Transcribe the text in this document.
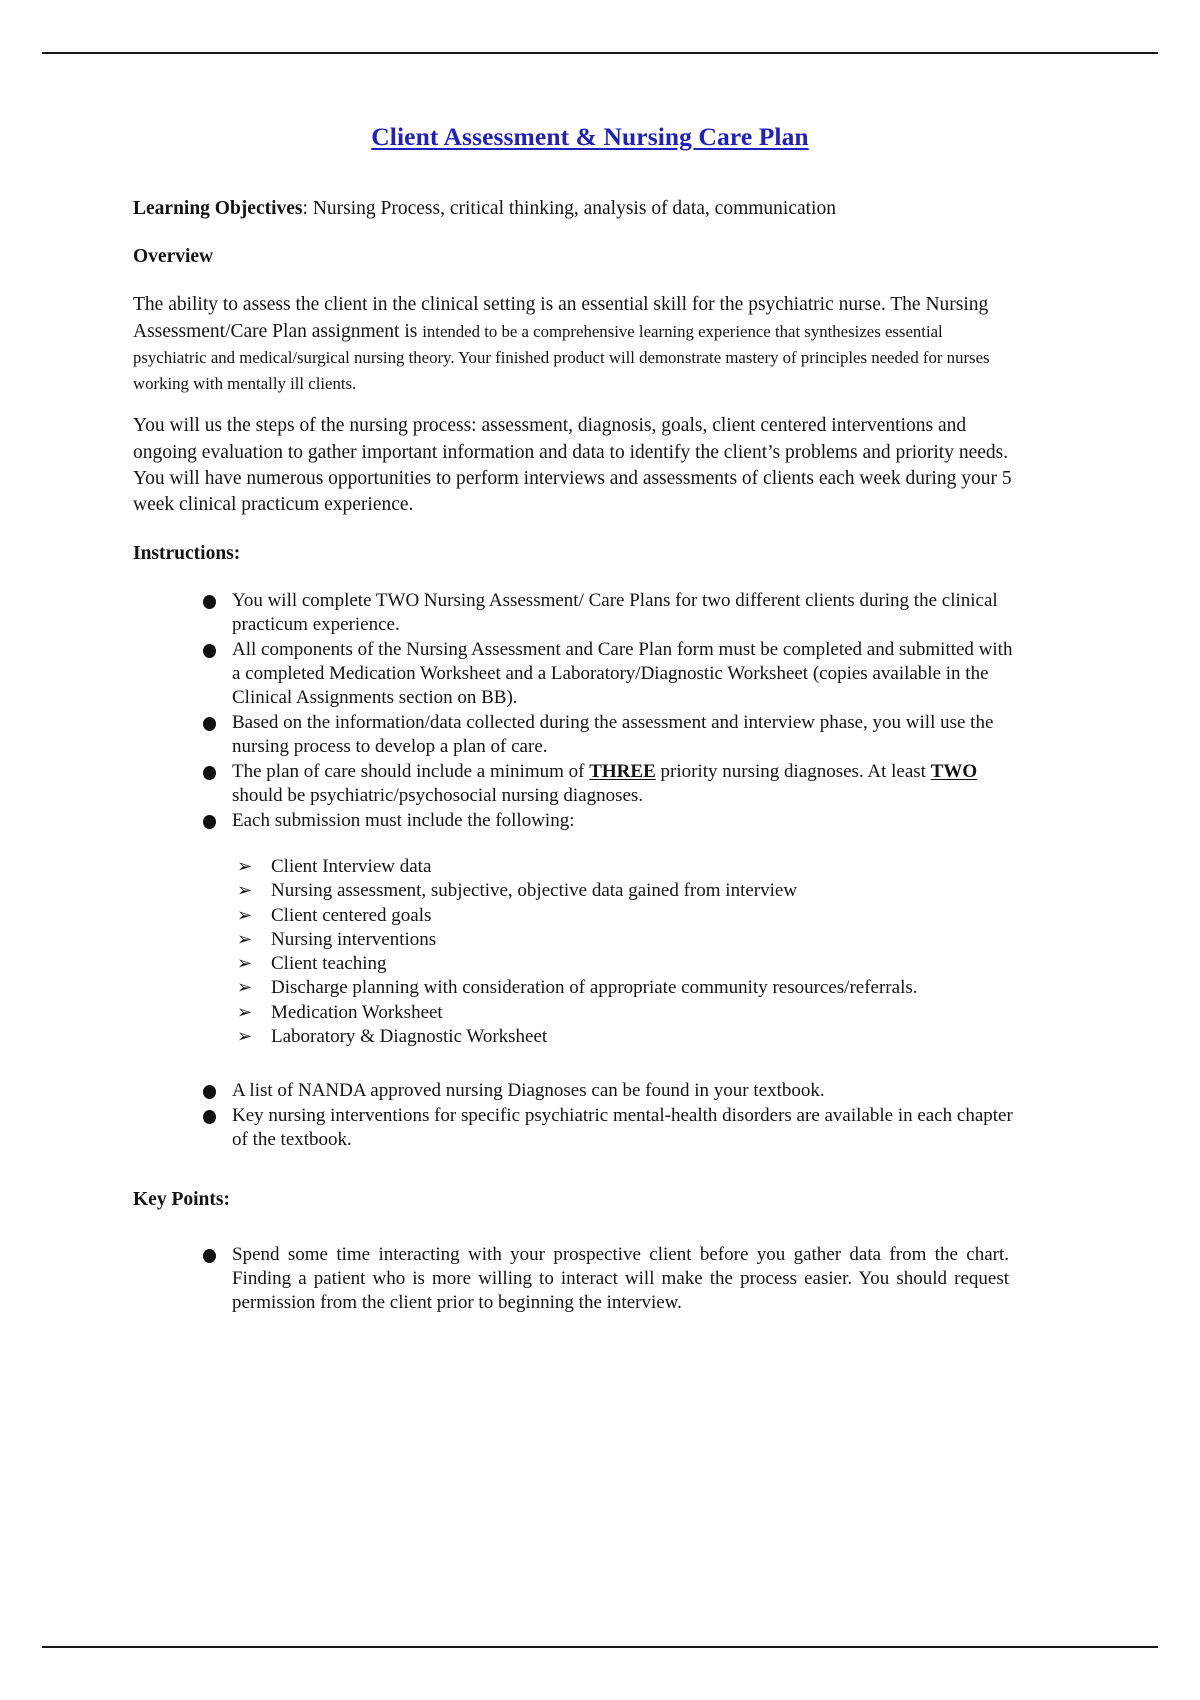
Client Assessment & Nursing Care Plan

Learning Objectives: Nursing Process, critical thinking, analysis of data, communication

Overview

The ability to assess the client in the clinical setting is an essential skill for the psychiatric nurse. The Nursing Assessment/Care Plan assignment is intended to be a comprehensive learning experience that synthesizes essential psychiatric and medical/surgical nursing theory. Your finished product will demonstrate mastery of principles needed for nurses working with mentally ill clients.

You will us the steps of the nursing process: assessment, diagnosis, goals, client centered interventions and ongoing evaluation to gather important information and data to identify the client’s problems and priority needs. You will have numerous opportunities to perform interviews and assessments of clients each week during your 5 week clinical practicum experience.

Instructions:

You will complete TWO Nursing Assessment/ Care Plans for two different clients during the clinical practicum experience.
All components of the Nursing Assessment and Care Plan form must be completed and submitted with a completed Medication Worksheet and a Laboratory/Diagnostic Worksheet (copies available in the Clinical Assignments section on BB).
Based on the information/data collected during the assessment and interview phase, you will use the nursing process to develop a plan of care.
The plan of care should include a minimum of THREE priority nursing diagnoses. At least TWO should be psychiatric/psychosocial nursing diagnoses.
Each submission must include the following:
➢ Client Interview data
➢ Nursing assessment, subjective, objective data gained from interview
➢ Client centered goals
➢ Nursing interventions
➢ Client teaching
➢ Discharge planning with consideration of appropriate community resources/referrals.
➢ Medication Worksheet
➢ Laboratory & Diagnostic Worksheet
A list of NANDA approved nursing Diagnoses can be found in your textbook.
Key nursing interventions for specific psychiatric mental-health disorders are available in each chapter of the textbook.

Key Points:

Spend some time interacting with your prospective client before you gather data from the chart. Finding a patient who is more willing to interact will make the process easier. You should request permission from the client prior to beginning the interview.
